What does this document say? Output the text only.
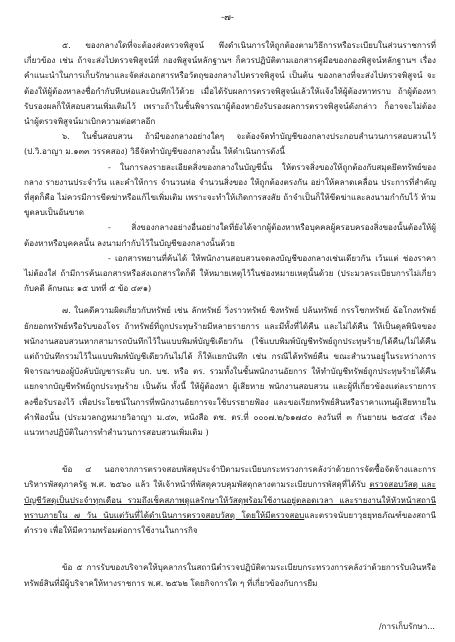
-๗-

๕. ของกลางใดที่จะต้องส่งตรวจพิสูจน์ พึงดำเนินการให้ถูกต้องตามวิธีการหรือระเบียบในส่วนราชการที่เกี่ยวข้อง เช่น ถ้าจะส่งไปตรวจพิสูจน์ที่ กองพิสูจน์หลักฐานฯ ก็ควรปฏิบัติตามเอกสารคู่มือของกองพิสูจน์หลักฐานฯ เรื่องคำแนะนำในการเก็บรักษาและจัดส่งเอกสารหรือวัตถุของกลางไปตรวจพิสูจน์ เป็นต้น ของกลางที่จะส่งไปตรวจพิสูจน์ จะต้องให้ผู้ต้องหาลงชื่อกำกับหีบห่อและบันทึกไว้ด้วย เมื่อได้รับผลการตรวจพิสูจน์แล้วให้แจ้งให้ผู้ต้องหาทราบ ถ้าผู้ต้องหารับรองผลก็ให้สอบสวนเพิ่มเติมไว้ เพราะถ้าในชั้นพิจารณาผู้ต้องหายังรับรองผลการตรวจพิสูจน์ดังกล่าว ก็อาจจะไม่ต้องนำผู้ตรวจพิสูจน์มาเบิกความต่อศาลอีก

๖. ในชั้นสอบสวน ถ้ามีของกลางอย่างใดๆ จะต้องจัดทำบัญชีของกลางประกอบสำนวนการสอบสวนไว้ (ป.วิ.อาญา ม.๑๓๓ วรรคสอง) วิธีจัดทำบัญชีของกลางนั้น ให้ดำเนินการดังนี้

- ในการลงรายละเอียดสิ่งของกลางในบัญชีนั้น ให้ตรวจสิ่งของให้ถูกต้องกับสมุดยึดทรัพย์ของกลาง รายงานประจำวัน และคำให้การ จำนวนห่อ จำนวนสิ่งของ ให้ถูกต้องตรงกัน อย่าให้คลาดเคลื่อน ประการที่สำคัญที่สุดก็คือ ไม่ควรมีการขีดฆ่าหรือแก้ไขเพิ่มเติม เพราะจะทำให้เกิดการสงสัย ถ้าจำเป็นก็ให้ขีดฆ่าและลงนามกำกับไว้ ห้ามขูดลบเป็นอันขาด

- สิ่งของกลางอย่างอื่นอย่างใดที่ยังได้จากผู้ต้องหาหรือบุคคลผู้ครอบครองสิ่งของนั้นต้องให้ผู้ต้องหาหรือบุคคลนั้น ลงนามกำกับไว้ในบัญชีของกลางนั้นด้วย

- เอกสารพยานที่ค้นได้ ให้พนักงานสอบสวนจดลงบัญชีของกลางเช่นเดียวกัน เว้นแต่ ช่องราคา ไม่ต้องใส่ ถ้ามีการค้นเอกสารหรือส่งเอกสารใดก็ดี ให้หมายเหตุไว้ในช่องหมายเหตุนั้นด้วย (ประมวลระเบียบการไม่เกี่ยวกับคดี ลักษณะ ๑๕ บทที่ ๕ ข้อ ๔๙๑)

๗. ในคดีความผิดเกี่ยวกับทรัพย์ เช่น ลักทรัพย์ วิ่งราวทรัพย์ ชิงทรัพย์ ปล้นทรัพย์ กรรโชกทรัพย์ ฉ้อโกงทรัพย์ ยักยอกทรัพย์หรือรับของโจร ถ้าทรัพย์ที่ถูกประทุษร้ายมีหลายรายการ และมีทั้งที่ได้คืน และไม่ได้คืน ให้เป็นดุลพินิจของพนักงานสอบสวนหากสามารถบันทึกไว้ในแบบพิมพ์บัญชีเดียวกัน (ใช้แบบพิมพ์บัญชีทรัพย์ถูกประทุษร้าย/ได้คืน/ไม่ได้คืน แต่ถ้าบันทึกรวมไว้ในแบบพิมพ์บัญชีเดียวกันไม่ได้ ก็ให้แยกบันทึก เช่น กรณีได้ทรัพย์คืน ขณะสำนวนอยู่ในระหว่างการพิจารณาของผู้บังคับบัญชาระดับ บก. บช. หรือ ตร. รวมทั้งในชั้นพนักงานอัยการ ให้ทำบัญชีทรัพย์ถูกประทุษร้ายได้คืน แยกจากบัญชีทรัพย์ถูกประทุษร้าย เป็นต้น ทั้งนี้ ให้ผู้ต้องหา ผู้เสียหาย พนักงานสอบสวน และผู้ที่เกี่ยวข้องแต่ละรายการลงชื่อรับรองไว้ เพื่อประโยชน์ในการที่พนักงานอัยการจะใช้บรรยายฟ้อง และขอเรียกทรัพย์สินหรือราคาแทนผู้เสียหายในคำฟ้องนั้น (ประมวลกฎหมายวิอาญา ม.๔๓, หนังสือ ตช. ตร.ที่ ๐๐๐๗.๒/๖๑๗๔๐ ลงวันที่ ๓ กันยายน ๒๕๔๕ เรื่องแนวทางปฏิบัติในการทำสำนวนการสอบสวนเพิ่มเติม )

ข้อ ๔ นอกจากการตรวจสอบพัสดุประจำปีตามระเบียบกระทรวงการคลังว่าด้วยการจัดซื้อจัดจ้างและการบริหารพัสดุภาครัฐ พ.ศ. ๒๕๖๐ แล้ว ให้เจ้าหน้าที่พัสดุควบคุมพัสดุกลางตามระเบียบการพัสดุที่ได้รับ ตรวจสอบวัสดุ และบัญชีวัสดุเป็นประจำทุกเดือน รวมถึงเช็คสภาพดูแลรักษาให้วัสดุพร้อมใช้งานอยู่ตลอดเวลา และรายงานให้หัวหน้าสถานีทราบภายใน ๗ วัน นับแต่วันที่ได้ดำเนินการตรวจสอบวัสดุ โดยให้มีตรวจสอบและตรวจนับยาวุธยุทธภัณฑ์ของสถานีตำรวจ เพื่อให้มีความพร้อมต่อการใช้งานในการกิจ

ข้อ ๕ การรับของบริจาคให้บุคลากรในสถานีตำรวจปฏิบัติตามระเบียบกระทรวงการคลังว่าด้วยการรับเงินหรือทรัพย์สินที่มีผู้บริจาคให้ทางราชการ พ.ศ. ๒๕๖๒ โดยกิจการใด ๆ ที่เกี่ยวข้องกับการยืม

/การเก็บรักษา...
